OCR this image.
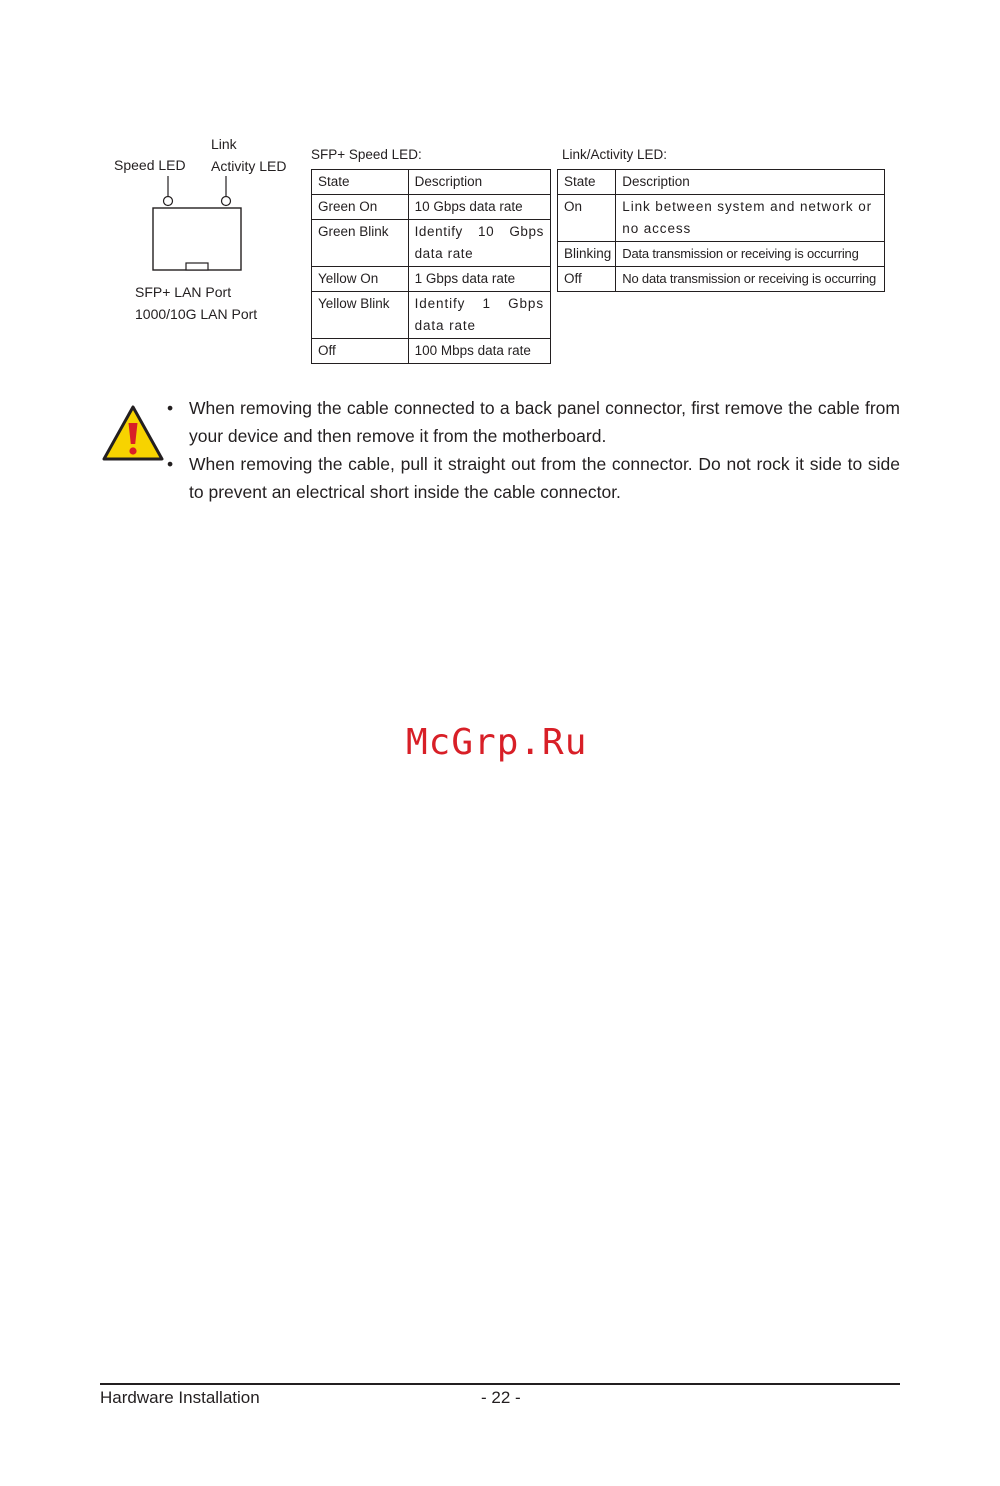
Speed LED
Link
Activity LED
SFP+ LAN Port
1000/10G LAN Port
SFP+ Speed LED:
State	Description
Green On	10 Gbps data rate
Green Blink	Identify 10 Gbps data rate
Yellow On	1 Gbps data rate
Yellow Blink	Identify 1 Gbps data rate
Off	100 Mbps data rate
Link/Activity LED:
State	Description
On	Link between system and network or no access
Blinking	Data transmission or receiving is occurring
Off	No data transmission or receiving is occurring
• When removing the cable connected to a back panel connector, first remove the cable from your device and then remove it from the motherboard.
• When removing the cable, pull it straight out from the connector. Do not rock it side to side to prevent an electrical short inside the cable connector.
McGrp.Ru
Hardware Installation	- 22 -
